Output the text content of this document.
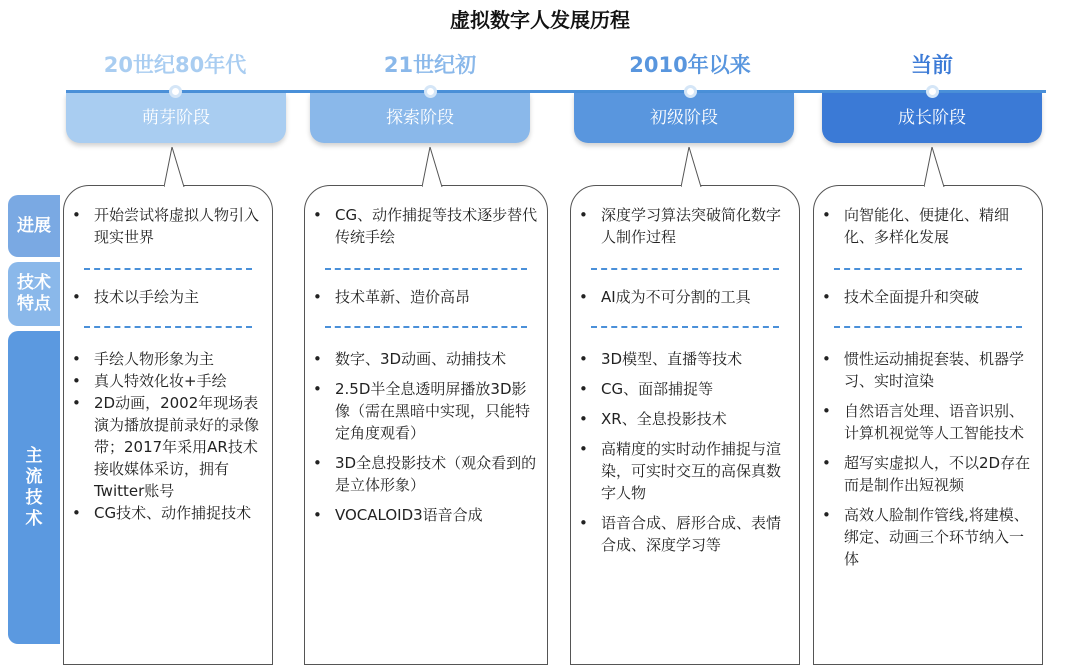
虚拟数字人发展历程
20世纪80年代
萌芽阶段
21世纪初
探索阶段
2010年以来
初级阶段
当前
成长阶段
• 开始尝试将虚拟人物引入现实世界
• 技术以手绘为主
• 手绘人物形象为主
• 真人特效化妆+手绘
• 2D动画，2002年现场表演为播放提前录好的录像带；2017年采用AR技术接收媒体采访，拥有Twitter账号
• CG技术、动作捕捉技术
• CG、动作捕捉等技术逐步替代传统手绘
• 技术革新、造价高昂
• 数字、3D动画、动捕技术
• 2.5D半全息透明屏播放3D影像（需在黑暗中实现，只能特定角度观看）
• 3D全息投影技术（观众看到的是立体形象）
• VOCALOID3语音合成
• 深度学习算法突破简化数字人制作过程
• AI成为不可分割的工具
• 3D模型、直播等技术
• CG、面部捕捉等
• XR、全息投影技术
• 高精度的实时动作捕捉与渲染，可实时交互的高保真数字人物
• 语音合成、唇形合成、表情合成、深度学习等
• 向智能化、便捷化、精细化、多样化发展
• 技术全面提升和突破
• 惯性运动捕捉套装、机器学习、实时渲染
• 自然语言处理、语音识别、计算机视觉等人工智能技术
• 超写实虚拟人，不以2D存在而是制作出短视频
• 高效人脸制作管线,将建模、绑定、动画三个环节纳入一体
进展
技术
特点
主
流
技
术
